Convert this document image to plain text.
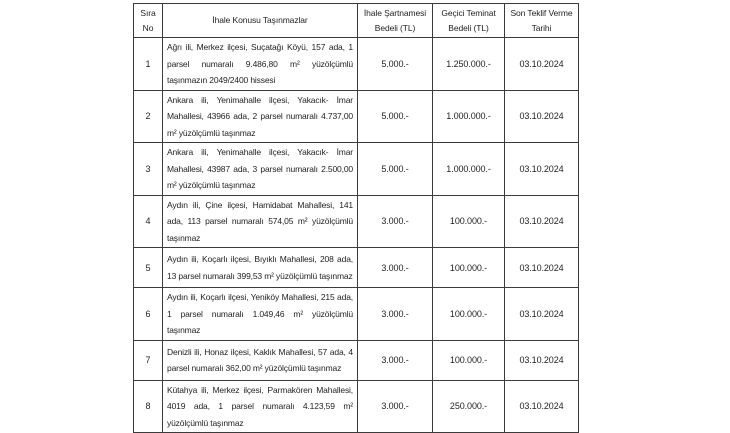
Sıra No	İhale Konusu Taşınmazlar	İhale Şartnamesi Bedeli (TL)	Geçici Teminat Bedeli (TL)	Son Teklif Verme Tarihi
1	Ağrı ili, Merkez ilçesi, Suçatağı Köyü, 157 ada, 1 parsel numaralı 9.486,80 m² yüzölçümlü taşınmazın 2049/2400 hissesi	5.000.-	1.250.000.-	03.10.2024
2	Ankara ili, Yenimahalle ilçesi, Yakacık- İmar Mahallesi, 43966 ada, 2 parsel numaralı 4.737,00 m² yüzölçümlü taşınmaz	5.000.-	1.000.000.-	03.10.2024
3	Ankara ili, Yenimahalle ilçesi, Yakacık- İmar Mahallesi, 43987 ada, 3 parsel numaralı 2.500,00 m² yüzölçümlü taşınmaz	5.000.-	1.000.000.-	03.10.2024
4	Aydın ili, Çine ilçesi, Hamidabat Mahallesi, 141 ada, 113 parsel numaralı 574,05 m² yüzölçümlü taşınmaz	3.000.-	100.000.-	03.10.2024
5	Aydın ili, Koçarlı ilçesi, Bıyıklı Mahallesi, 208 ada, 13 parsel numaralı 399,53 m² yüzölçümlü taşınmaz	3.000.-	100.000.-	03.10.2024
6	Aydın ili, Koçarlı ilçesi, Yeniköy Mahallesi, 215 ada, 1 parsel numaralı 1.049,46 m² yüzölçümlü taşınmaz	3.000.-	100.000.-	03.10.2024
7	Denizli ili, Honaz ilçesi, Kaklık Mahallesi, 57 ada, 4 parsel numaralı 362,00 m² yüzölçümlü taşınmaz	3.000.-	100.000.-	03.10.2024
8	Kütahya ili, Merkez ilçesi, Parmakören Mahallesi, 4019 ada, 1 parsel numaralı 4.123,59 m² yüzölçümlü taşınmaz	3.000.-	250.000.-	03.10.2024
